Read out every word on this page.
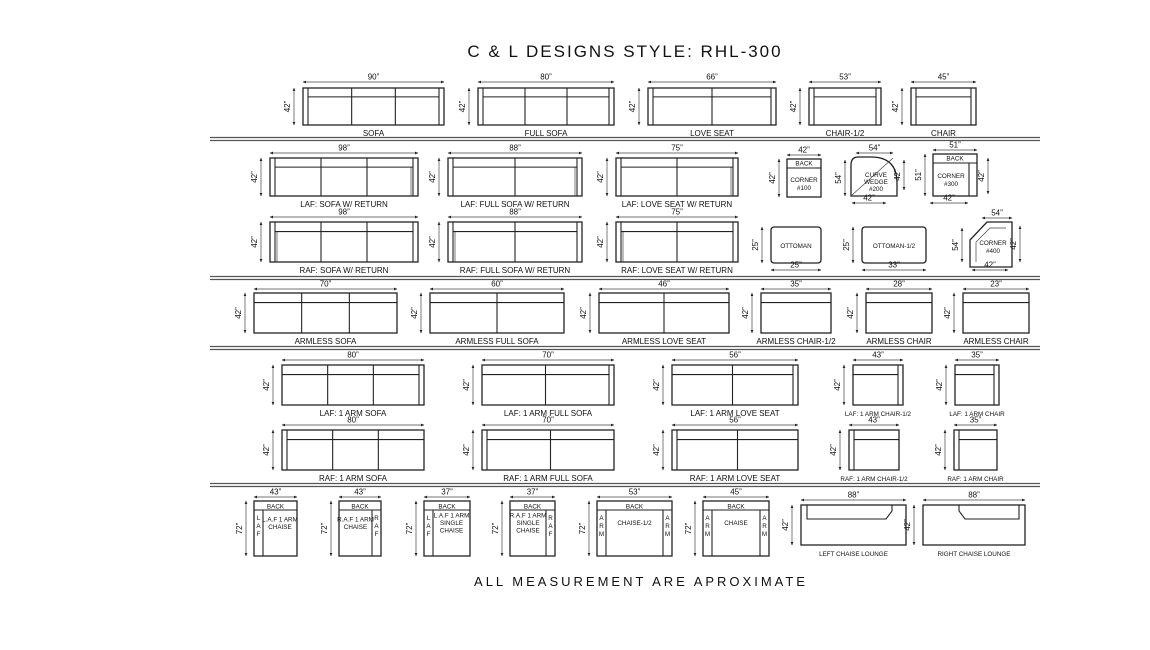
C & L DESIGNS STYLE: RHL-300
90”
42”
SOFA
80”
42”
FULL SOFA
66”
42”
LOVE SEAT
53”
42”
CHAIR-1/2
45”
42”
CHAIR
98”
42”
LAF: SOFA W/ RETURN
88”
42”
LAF: FULL SOFA W/ RETURN
75”
42”
LAF: LOVE SEAT W/ RETURN
98”
42”
RAF: SOFA W/ RETURN
88”
42”
RAF: FULL SOFA W/ RETURN
75”
42”
RAF: LOVE SEAT W/ RETURN
BACK
CORNER
#100
42”
42”	CURVE
WEDGE
#200
54”
54”	42”
42”
BACK
CORNER
#300
51”
51”	42”
42”
OTTOMAN
25”
25”	OTTOMAN-1/2
33”
25”	CORNER
#400
54”
54”	42”
42”
70”
42”
ARMLESS SOFA
60”
42”
ARMLESS FULL SOFA
46”
42”
ARMLESS LOVE SEAT
35”
42”
ARMLESS CHAIR-1/2
28”
42”
ARMLESS CHAIR
23”
42”
ARMLESS CHAIR
80”
42”
LAF: 1 ARM SOFA
70”
42”
LAF: 1 ARM FULL SOFA
56”
42”
LAF: 1 ARM LOVE SEAT
43”
42”
LAF: 1 ARM CHAIR-1/2
35”
42”
LAF: 1 ARM CHAIR
80”
42”
RAF: 1 ARM SOFA
70”
42”
RAF: 1 ARM FULL SOFA
56”
42”
RAF: 1 ARM LOVE SEAT
43”
42”
RAF: 1 ARM CHAIR-1/2
35”
42”
RAF: 1 ARM CHAIR
BACK
L
A
F
L.A.F 1 ARM
CHAISE
43”
72”
BACK
R
A
F
R.A.F 1 ARM
CHAISE
43”
72”
BACK
L
A
F
L.A.F 1 ARM
SINGLE
CHAISE
37”
72”
BACK
R
A
F
R.A.F 1 ARM
SINGLE
CHAISE
37”
72”
BACK
A
R
M
A
R
M
CHAISE-1/2
53”
72”
BACK
A
R
M
A
R
M
CHAISE
45”
72”
88”
42”
LEFT CHAISE LOUNGE
88”
42”
RIGHT CHAISE LOUNGE
ALL MEASUREMENT ARE APROXIMATE
